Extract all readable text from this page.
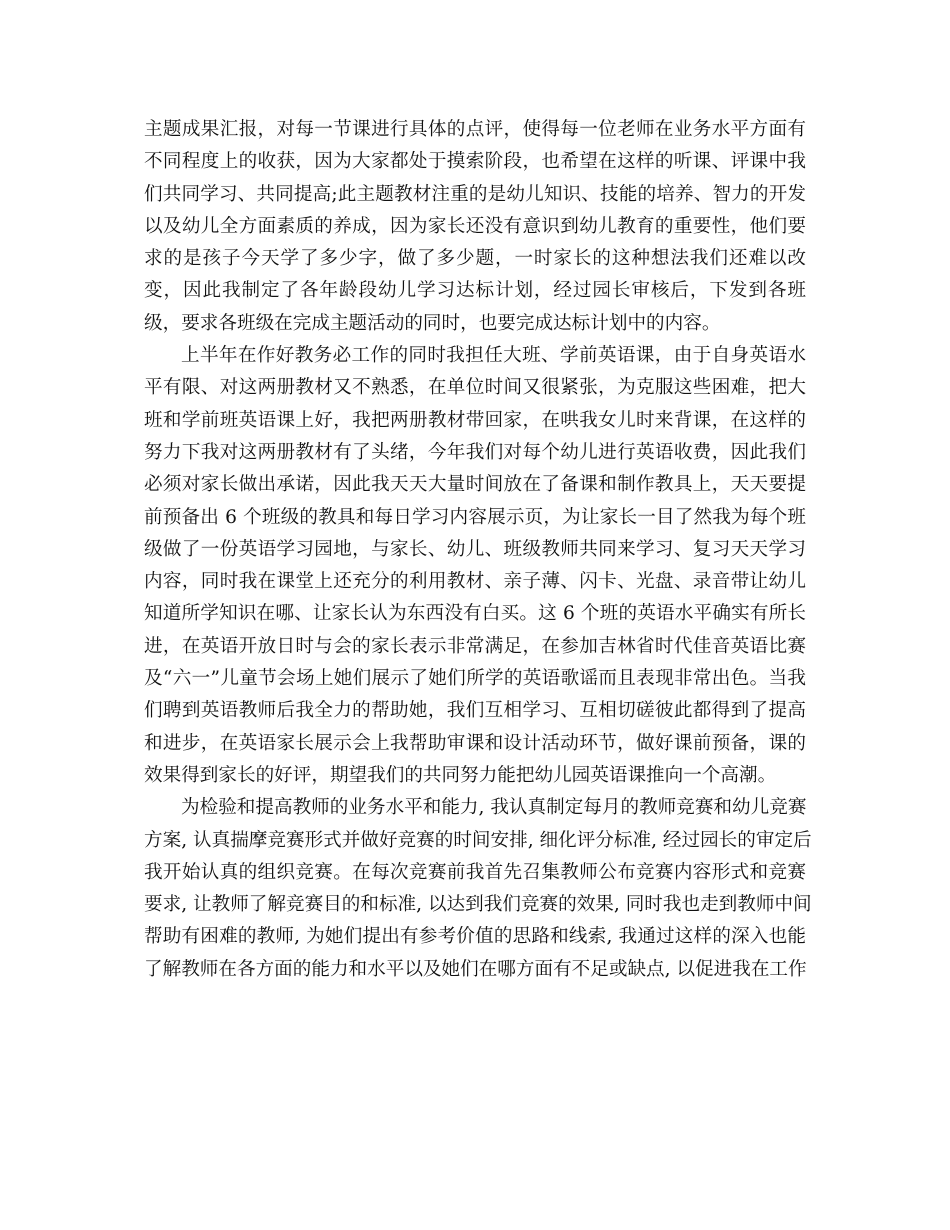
主题成果汇报，对每一节课进行具体的点评，使得每一位老师在业务水平方面有
不同程度上的收获，因为大家都处于摸索阶段，也希望在这样的听课、评课中我
们共同学习、共同提高;此主题教材注重的是幼儿知识、技能的培养、智力的开发
以及幼儿全方面素质的养成，因为家长还没有意识到幼儿教育的重要性，他们要
求的是孩子今天学了多少字，做了多少题，一时家长的这种想法我们还难以改
变，因此我制定了各年龄段幼儿学习达标计划，经过园长审核后，下发到各班
级，要求各班级在完成主题活动的同时，也要完成达标计划中的内容。
上半年在作好教务必工作的同时我担任大班、学前英语课，由于自身英语水
平有限、对这两册教材又不熟悉，在单位时间又很紧张，为克服这些困难，把大
班和学前班英语课上好，我把两册教材带回家，在哄我女儿时来背课，在这样的
努力下我对这两册教材有了头绪，今年我们对每个幼儿进行英语收费，因此我们
必须对家长做出承诺，因此我天天大量时间放在了备课和制作教具上，天天要提
前预备出 6 个班级的教具和每日学习内容展示页，为让家长一目了然我为每个班
级做了一份英语学习园地，与家长、幼儿、班级教师共同来学习、复习天天学习
内容，同时我在课堂上还充分的利用教材、亲子薄、闪卡、光盘、录音带让幼儿
知道所学知识在哪、让家长认为东西没有白买。这 6 个班的英语水平确实有所长
进，在英语开放日时与会的家长表示非常满足，在参加吉林省时代佳音英语比赛
及“六一”儿童节会场上她们展示了她们所学的英语歌谣而且表现非常出色。当我
们聘到英语教师后我全力的帮助她，我们互相学习、互相切磋彼此都得到了提高
和进步，在英语家长展示会上我帮助审课和设计活动环节，做好课前预备，课的
效果得到家长的好评，期望我们的共同努力能把幼儿园英语课推向一个高潮。
为检验和提高教师的业务水平和能力, 我认真制定每月的教师竞赛和幼儿竞赛
方案, 认真揣摩竞赛形式并做好竞赛的时间安排, 细化评分标准, 经过园长的审定后
我开始认真的组织竞赛。在每次竞赛前我首先召集教师公布竞赛内容形式和竞赛
要求, 让教师了解竞赛目的和标准, 以达到我们竞赛的效果, 同时我也走到教师中间
帮助有困难的教师, 为她们提出有参考价值的思路和线索, 我通过这样的深入也能
了解教师在各方面的能力和水平以及她们在哪方面有不足或缺点, 以促进我在工作
